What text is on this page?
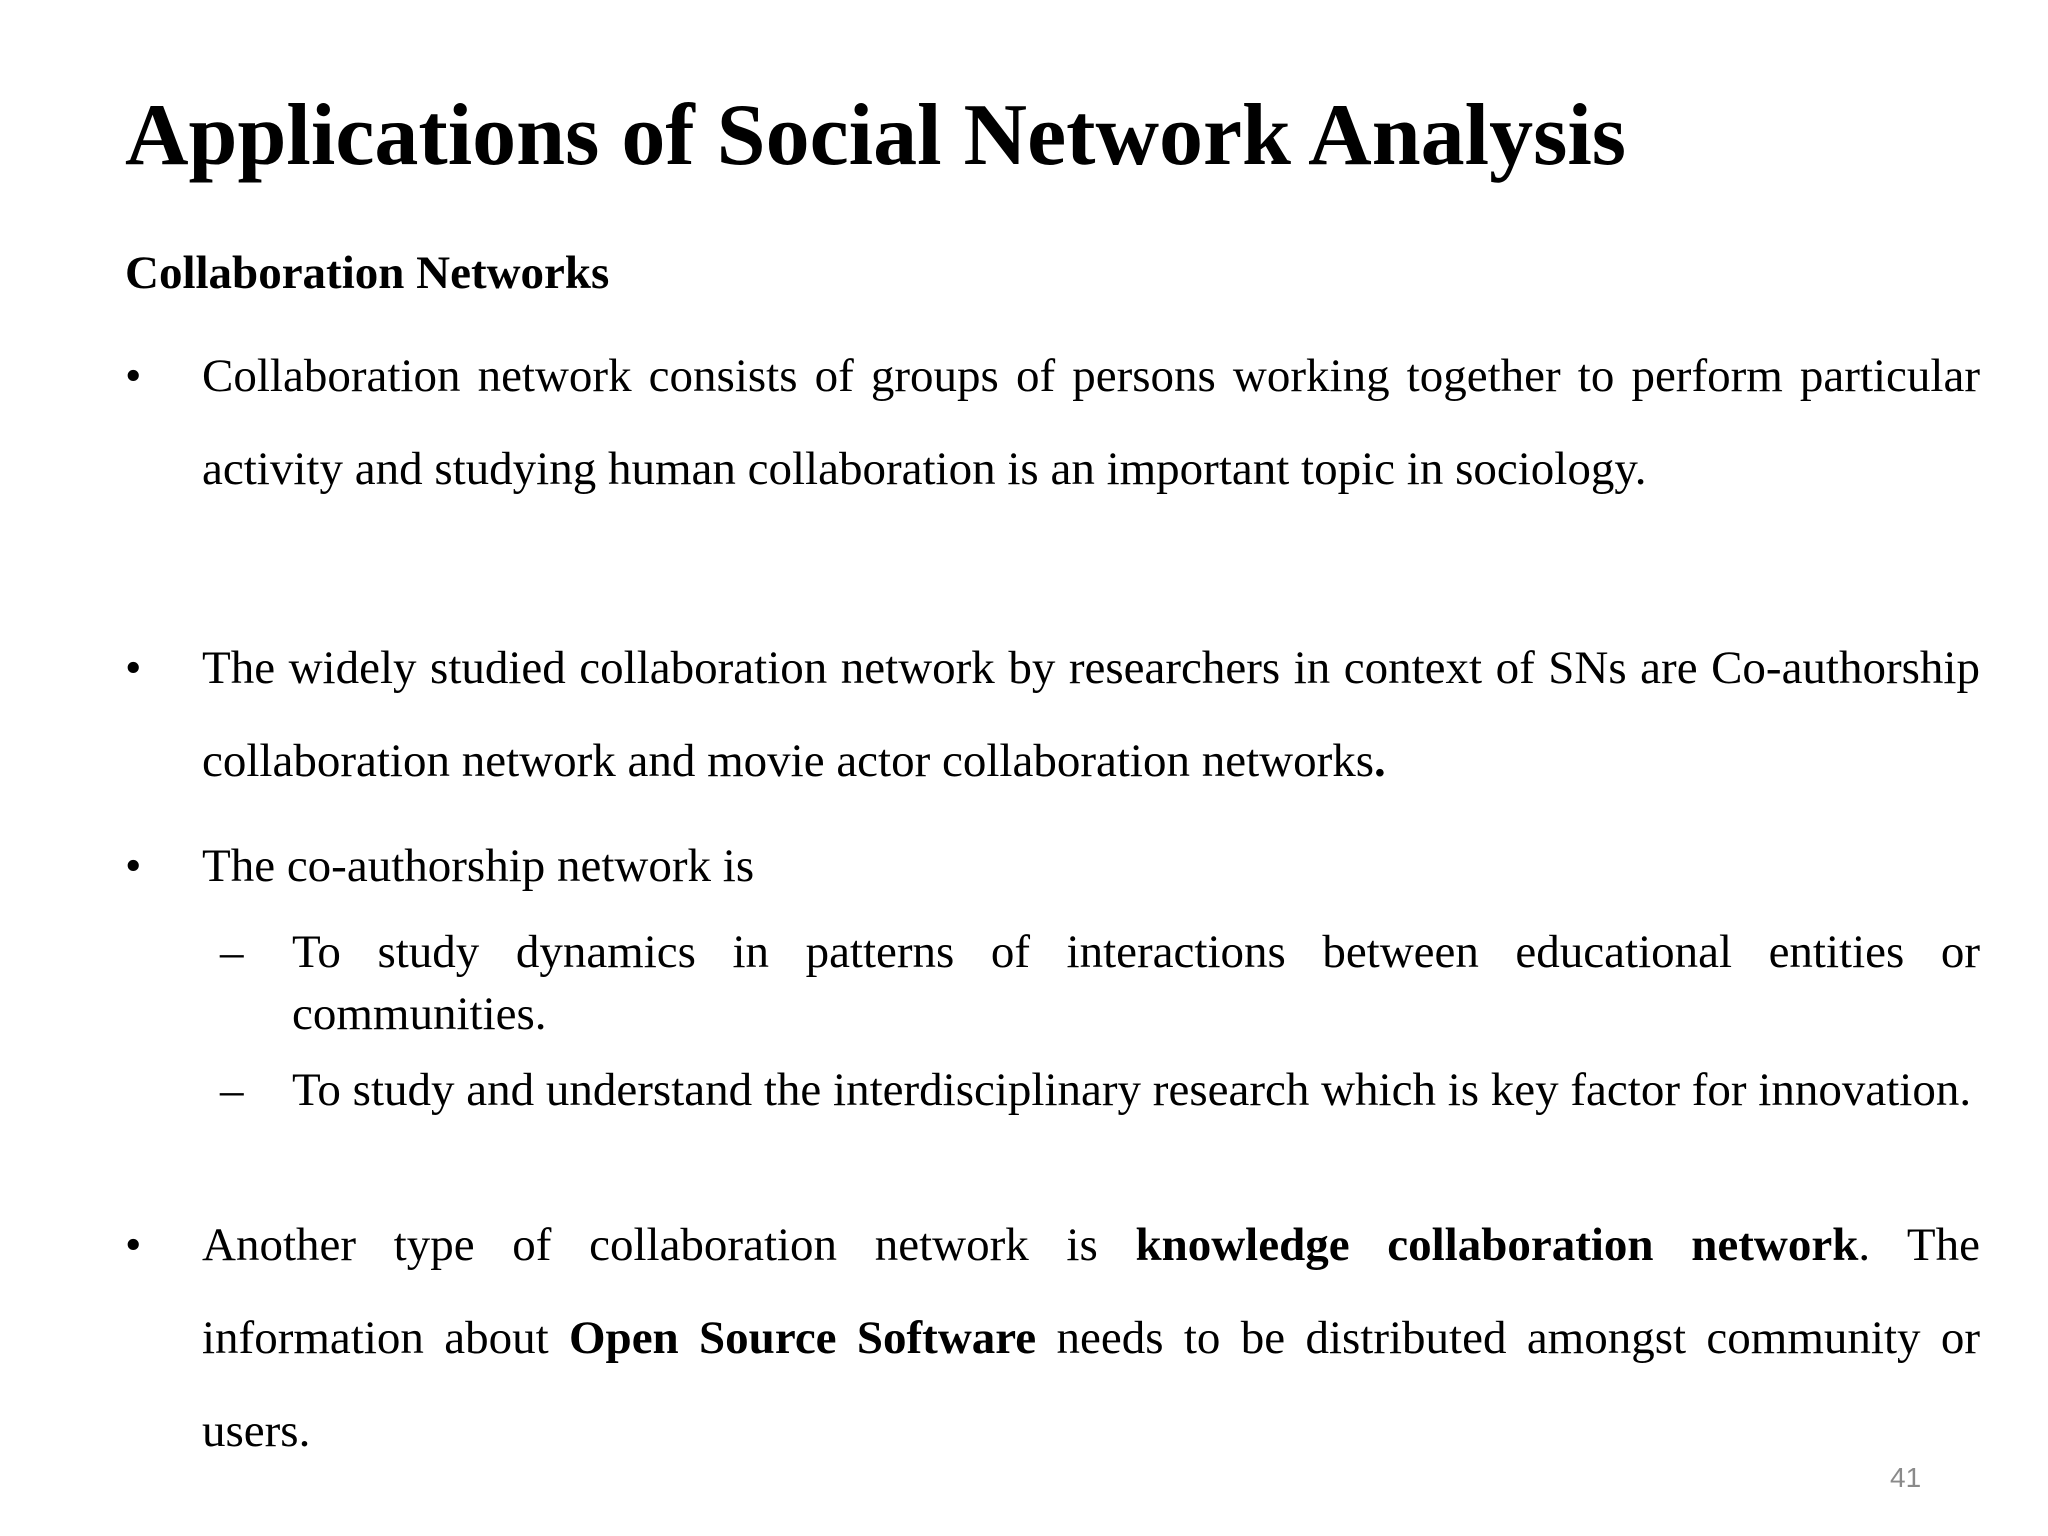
Applications of Social Network Analysis
Collaboration Networks
• Collaboration network consists of groups of persons working together to perform particular activity and studying human collaboration is an important topic in sociology.
• The widely studied collaboration network by researchers in context of SNs are Co-authorship collaboration network and movie actor collaboration networks.
• The co-authorship network is
– To study dynamics in patterns of interactions between educational entities or communities.
– To study and understand the interdisciplinary research which is key factor for innovation.
• Another type of collaboration network is knowledge collaboration network. The information about Open Source Software needs to be distributed amongst community or users.
41
